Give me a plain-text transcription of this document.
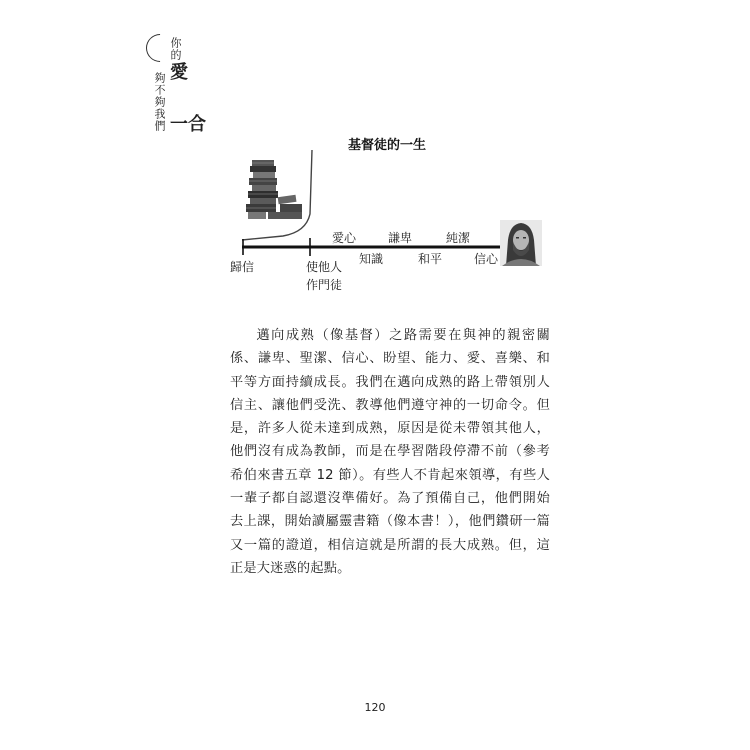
你的
愛
夠不夠我們	合一
基督徒的一生
愛心	謙卑	純潔
歸信	使他人
作門徒
知識	和平	信心
邁向成熟（像基督）之路需要在與神的親密關係、謙卑、聖潔、信心、盼望、能力、愛、喜樂、和平等方面持續成長。我們在邁向成熟的路上帶領別人信主、讓他們受洗、教導他們遵守神的一切命令。但是，許多人從未達到成熟，原因是從未帶領其他人，他們沒有成為教師，而是在學習階段停滯不前（參考希伯來書五章 12 節）。有些人不肯起來領導，有些人一輩子都自認還沒準備好。為了預備自己，他們開始去上課，開始讀屬靈書籍（像本書！），他們鑽研一篇又一篇的證道，相信這就是所謂的長大成熟。但，這正是大迷惑的起點。
120
